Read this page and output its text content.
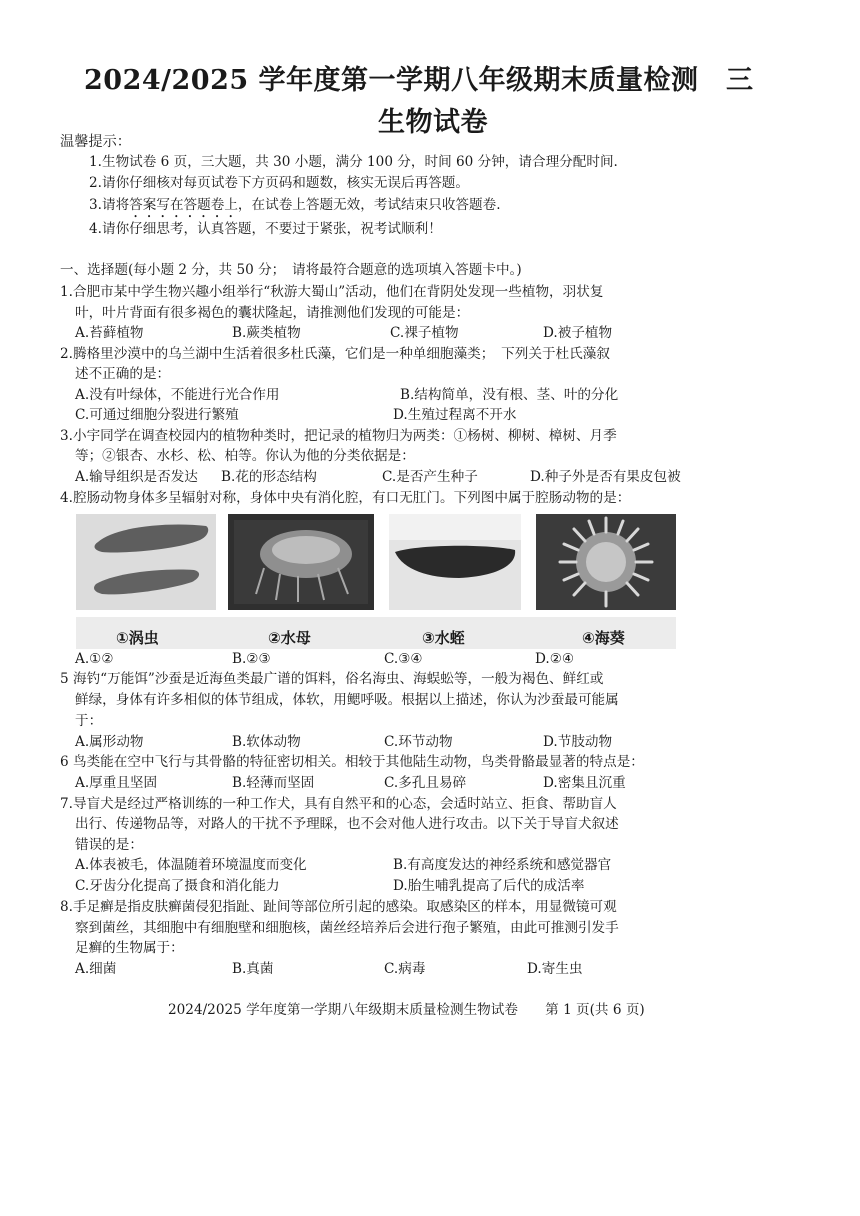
2024/2025 学年度第一学期八年级期末质量检测　三
生物试卷
温馨提示：
1.生物试卷 6 页，三大题，共 30 小题，满分 100 分，时间 60 分钟，请合理分配时间.
2.请你仔细核对每页试卷下方页码和题数，核实无误后再答题。
3.请将答案写在答题卷上，在试卷上答题无效，考试结束只收答题卷.
4.请你仔细思考，认真答题，不要过于紧张，祝考试顺利！
一、选择题(每小题 2 分，共 50 分；　请将最符合题意的选项填入答题卡中。)
1.合肥市某中学生物兴趣小组举行“秋游大蜀山”活动，他们在背阴处发现一些植物，羽状复
叶，叶片背面有很多褐色的囊状隆起，请推测他们发现的可能是：
A.苔藓植物	B.蕨类植物	C.裸子植物	D.被子植物
2.腾格里沙漠中的乌兰湖中生活着很多杜氏藻，它们是一种单细胞藻类；　下列关于杜氏藻叙
述不正确的是：
A.没有叶绿体，不能进行光合作用	B.结构简单，没有根、茎、叶的分化
C.可通过细胞分裂进行繁殖	D.生殖过程离不开水
3.小宇同学在调查校园内的植物种类时，把记录的植物归为两类：①杨树、柳树、樟树、月季
等；②银杏、水杉、松、柏等。你认为他的分类依据是：
A.输导组织是否发达 B.花的形态结构	C.是否产生种子	D.种子外是否有果皮包被
4.腔肠动物身体多呈辐射对称，身体中央有消化腔，有口无肛门。下列图中属于腔肠动物的是：
①涡虫	②水母	③水蛭	④海葵
A.①②	B.②③	C.③④	D.②④
5 海钓“万能饵”沙蚕是近海鱼类最广谱的饵料，俗名海虫、海蜈蚣等，一般为褐色、鲜红或
鲜绿，身体有许多相似的体节组成，体软，用鳃呼吸。根据以上描述，你认为沙蚕最可能属
于：
A.属形动物	B.软体动物	C.环节动物	D.节肢动物
6 鸟类能在空中飞行与其骨骼的特征密切相关。相较于其他陆生动物，鸟类骨骼最显著的特点是：
A.厚重且坚固	B.轻薄而坚固	C.多孔且易碎	D.密集且沉重
7.导盲犬是经过严格训练的一种工作犬，具有自然平和的心态，会适时站立、拒食、帮助盲人
出行、传递物品等，对路人的干扰不予理睬，也不会对他人进行攻击。以下关于导盲犬叙述
错误的是：
A.体表被毛，体温随着环境温度而变化	B.有高度发达的神经系统和感觉器官
C.牙齿分化提高了摄食和消化能力	D.胎生哺乳提高了后代的成活率
8.手足癣是指皮肤癣菌侵犯指趾、趾间等部位所引起的感染。取感染区的样本，用显微镜可观
察到菌丝，其细胞中有细胞壁和细胞核，菌丝经培养后会进行孢子繁殖，由此可推测引发手
足癣的生物属于：
A.细菌	B.真菌	C.病毒	D.寄生虫
2024/2025 学年度第一学期八年级期末质量检测生物试卷　　第 1 页(共 6 页)
